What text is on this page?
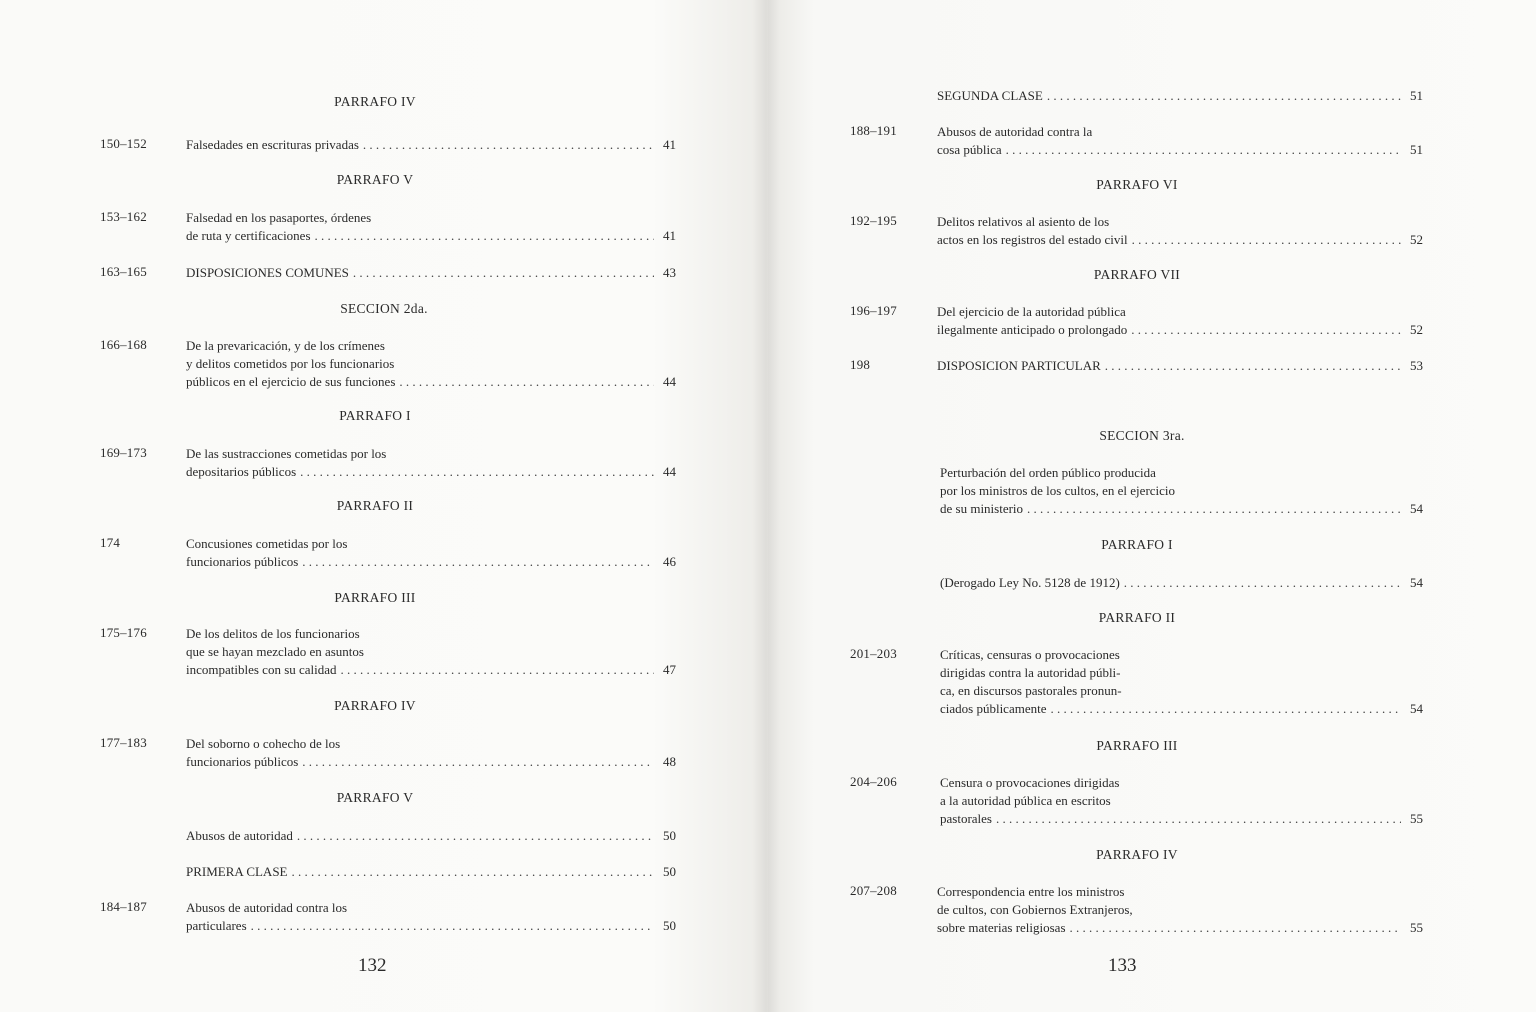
PARRAFO IV
PARRAFO V
SECCION 2da.
PARRAFO I
PARRAFO II
PARRAFO III
PARRAFO IV
PARRAFO V
150–152	Falsedades en escrituras privadas . . .	41
153–162	Falsedad en los pasaportes, órdenes
de ruta y certificaciones . . .	41
163–165	DISPOSICIONES COMUNES . . .	43
166–168	De la prevaricación, y de los crímenes
y delitos cometidos por los funcionarios
públicos en el ejercicio de sus funciones . . .	44
169–173	De las sustracciones cometidas por los
depositarios públicos . . .	44
174	Concusiones cometidas por los
funcionarios públicos . . .	46
175–176	De los delitos de los funcionarios
que se hayan mezclado en asuntos
incompatibles con su calidad . . .	47
177–183	Del soborno o cohecho de los
funcionarios públicos . . .	48
Abusos de autoridad . . .	50
PRIMERA CLASE . . .	50
184–187	Abusos de autoridad contra los
particulares . . .	50
132
PARRAFO VI
PARRAFO VII
SECCION 3ra.
PARRAFO I
PARRAFO II
PARRAFO III
PARRAFO IV
SEGUNDA CLASE . . .	51
188–191	Abusos de autoridad contra la
cosa pública . . .	51
192–195	Delitos relativos al asiento de los
actos en los registros del estado civil . . .	52
196–197	Del ejercicio de la autoridad pública
ilegalmente anticipado o prolongado . . .	52
198	DISPOSICION PARTICULAR . . .	53
Perturbación del orden público producida
por los ministros de los cultos, en el ejercicio
de su ministerio . . .	54
(Derogado Ley No. 5128 de 1912) . . .	54
201–203	Críticas, censuras o provocaciones
dirigidas contra la autoridad públi-
ca, en discursos pastorales pronun-
ciados públicamente . . .	54
204–206	Censura o provocaciones dirigidas
a la autoridad pública en escritos
pastorales . . .	55
207–208	Correspondencia entre los ministros
de cultos, con Gobiernos Extranjeros,
sobre materias religiosas . . .	55
133
